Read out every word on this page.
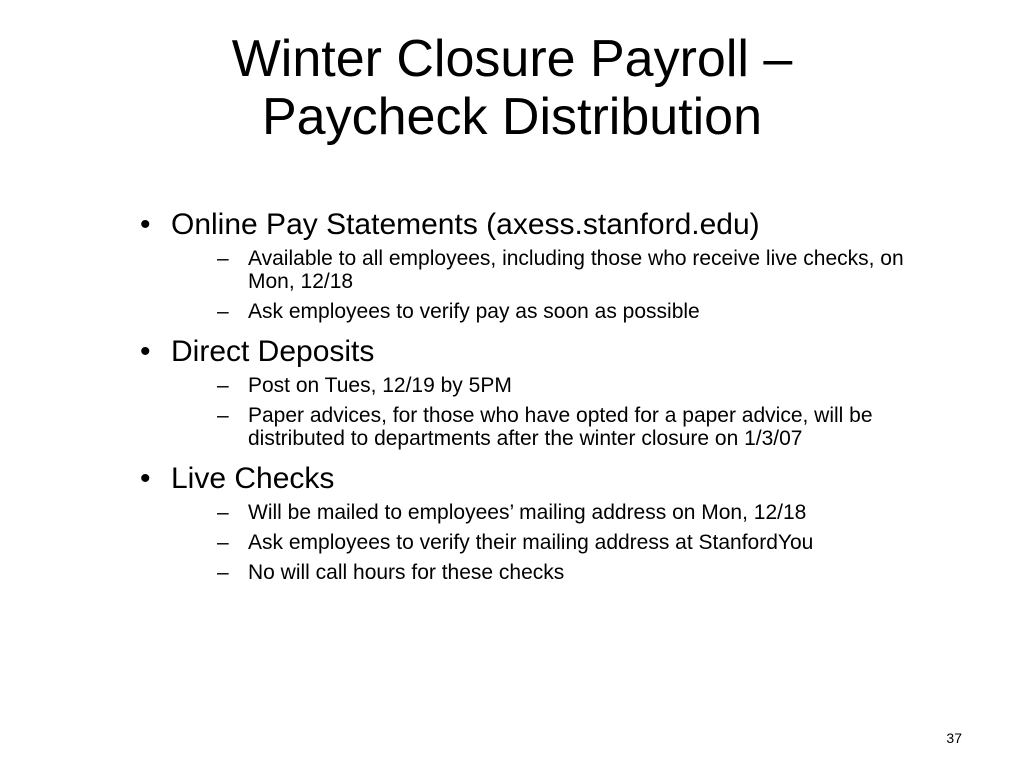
Winter Closure Payroll –
Paycheck Distribution
• Online Pay Statements (axess.stanford.edu)
– Available to all employees, including those who receive live checks, on Mon, 12/18
– Ask employees to verify pay as soon as possible
• Direct Deposits
– Post on Tues, 12/19 by 5PM
– Paper advices, for those who have opted for a paper advice, will be distributed to departments after the winter closure on 1/3/07
• Live Checks
– Will be mailed to employees’ mailing address on Mon, 12/18
– Ask employees to verify their mailing address at StanfordYou
– No will call hours for these checks
37
